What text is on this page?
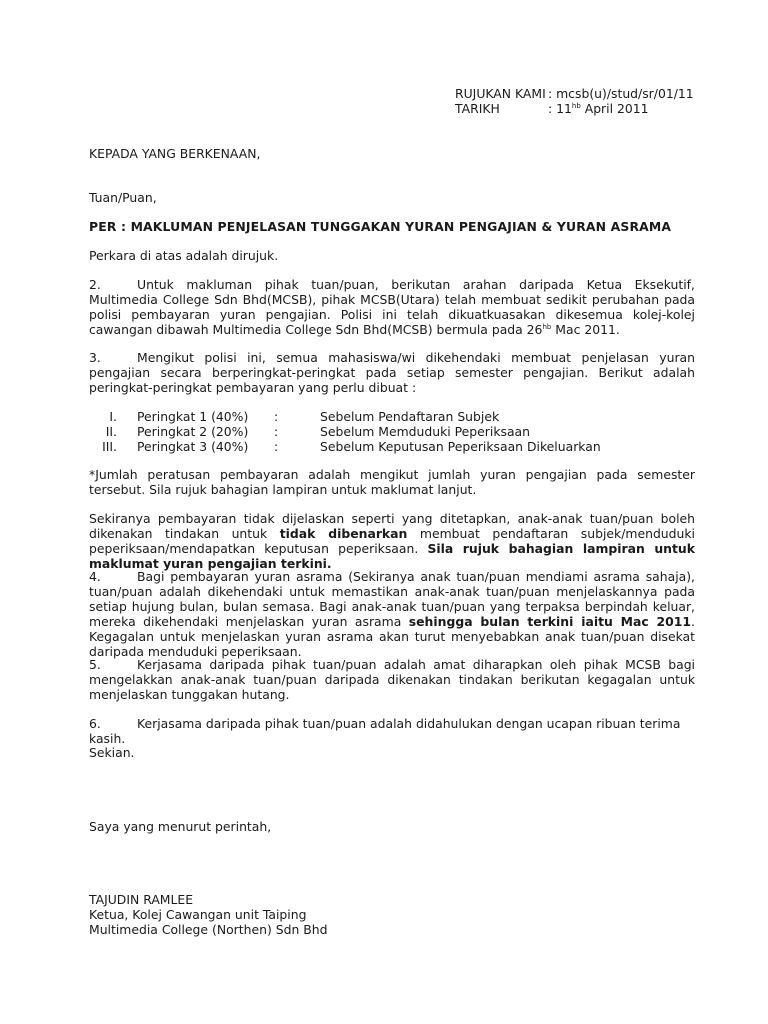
RUJUKAN KAMI : mcsb(u)/stud/sr/01/11
TARIKH	: $11^{hb}$ April 2011
KEPADA YANG BERKENAAN,
Tuan/Puan,
PER : MAKLUMAN PENJELASAN TUNGGAKAN YURAN PENGAJIAN & YURAN ASRAMA
Perkara di atas adalah dirujuk.
2.	Untuk makluman pihak tuan/puan, berikutan arahan daripada Ketua Eksekutif, Multimedia College Sdn Bhd(MCSB), pihak MCSB(Utara) telah membuat sedikit perubahan pada polisi pembayaran yuran pengajian. Polisi ini telah dikuatkuasakan dikesemua kolej-kolej cawangan dibawah Multimedia College Sdn Bhd(MCSB) bermula pada $26^{hb}$ Mac 2011.
3.	Mengikut polisi ini, semua mahasiswa/wi dikehendaki membuat penjelasan yuran pengajian secara berperingkat-peringkat pada setiap semester pengajian. Berikut adalah peringkat-peringkat pembayaran yang perlu dibuat :
I. Peringkat 1 (40%) :	Sebelum Pendaftaran Subjek
II. Peringkat 2 (20%) :	Sebelum Memduduki Peperiksaan
III. Peringkat 3 (40%) :	Sebelum Keputusan Peperiksaan Dikeluarkan
*Jumlah peratusan pembayaran adalah mengikut jumlah yuran pengajian pada semester tersebut. Sila rujuk bahagian lampiran untuk maklumat lanjut.
Sekiranya pembayaran tidak dijelaskan seperti yang ditetapkan, anak-anak tuan/puan boleh dikenakan tindakan untuk tidak dibenarkan membuat pendaftaran subjek/menduduki peperiksaan/mendapatkan keputusan peperiksaan. Sila rujuk bahagian lampiran untuk maklumat yuran pengajian terkini.
4.	Bagi pembayaran yuran asrama (Sekiranya anak tuan/puan mendiami asrama sahaja), tuan/puan adalah dikehendaki untuk memastikan anak-anak tuan/puan menjelaskannya pada setiap hujung bulan, bulan semasa. Bagi anak-anak tuan/puan yang terpaksa berpindah keluar, mereka dikehendaki menjelaskan yuran asrama sehingga bulan terkini iaitu Mac 2011. Kegagalan untuk menjelaskan yuran asrama akan turut menyebabkan anak tuan/puan disekat daripada menduduki peperiksaan.
5.	Kerjasama daripada pihak tuan/puan adalah amat diharapkan oleh pihak MCSB bagi mengelakkan anak-anak tuan/puan daripada dikenakan tindakan berikutan kegagalan untuk menjelaskan tunggakan hutang.
6.	Kerjasama daripada pihak tuan/puan adalah didahulukan dengan ucapan ribuan terima kasih.
Sekian.
Saya yang menurut perintah,
TAJUDIN RAMLEE
Ketua, Kolej Cawangan unit Taiping
Multimedia College (Northen) Sdn Bhd
